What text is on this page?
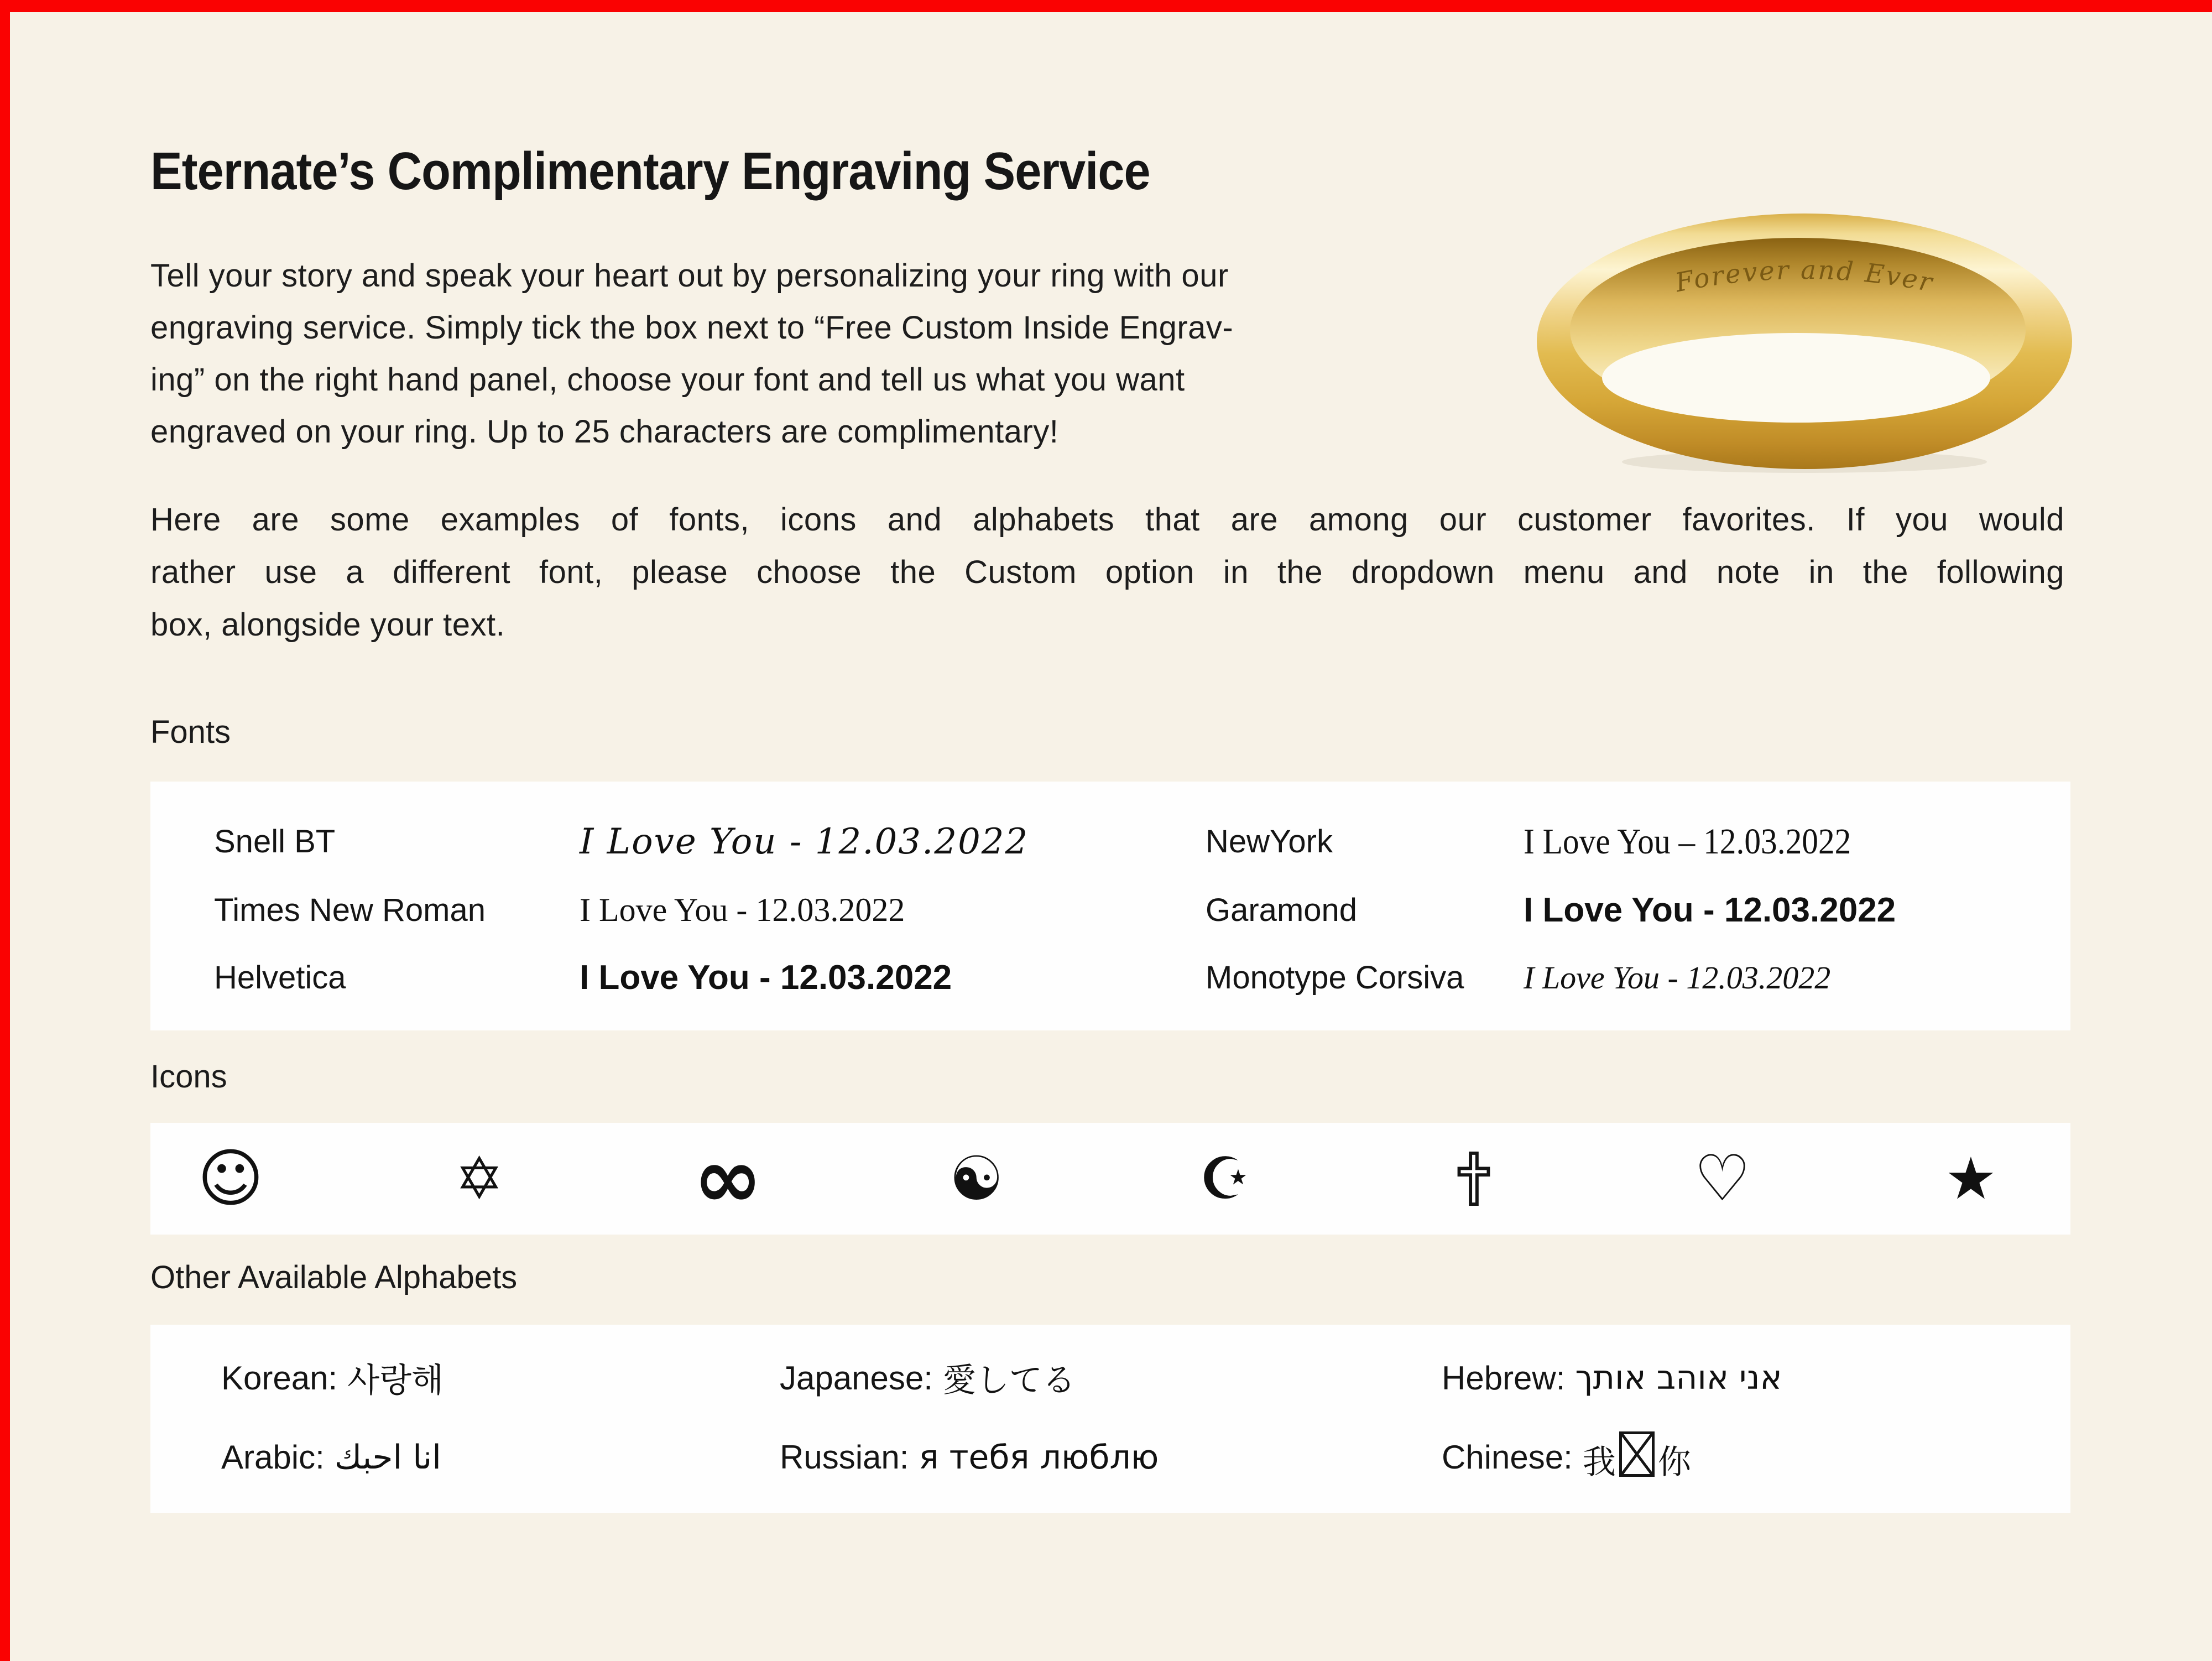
Eternate’s Complimentary Engraving Service
Tell your story and speak your heart out by personalizing your ring with our
engraving service. Simply tick the box next to “Free Custom Inside Engrav-
ing” on the right hand panel, choose your font and tell us what you want
engraved on your ring. Up to 25 characters are complimentary!
Forever and Ever
Here are some examples of fonts, icons and alphabets that are among our customer favorites. If you would
rather use a different font, please choose the Custom option in the dropdown menu and note in the following
box, alongside your text.
Fonts
Snell BT	I Love You - 12.03.2022	NewYork	I Love You – 12.03.2022
Times New Roman	I Love You - 12.03.2022	Garamond	I Love You - 12.03.2022
Helvetica	I Love You - 12.03.2022	Monotype Corsiva	I Love You - 12.03.2022
Icons
☺	✡ ∞	☯	☪	♡	★
Other Available Alphabets
Korean: 사랑해	Japanese: 愛してる	Hebrew: אני אוהב אותך
Arabic: انا احبك	Russian: я тебя люблю	Chinese: 我 你
